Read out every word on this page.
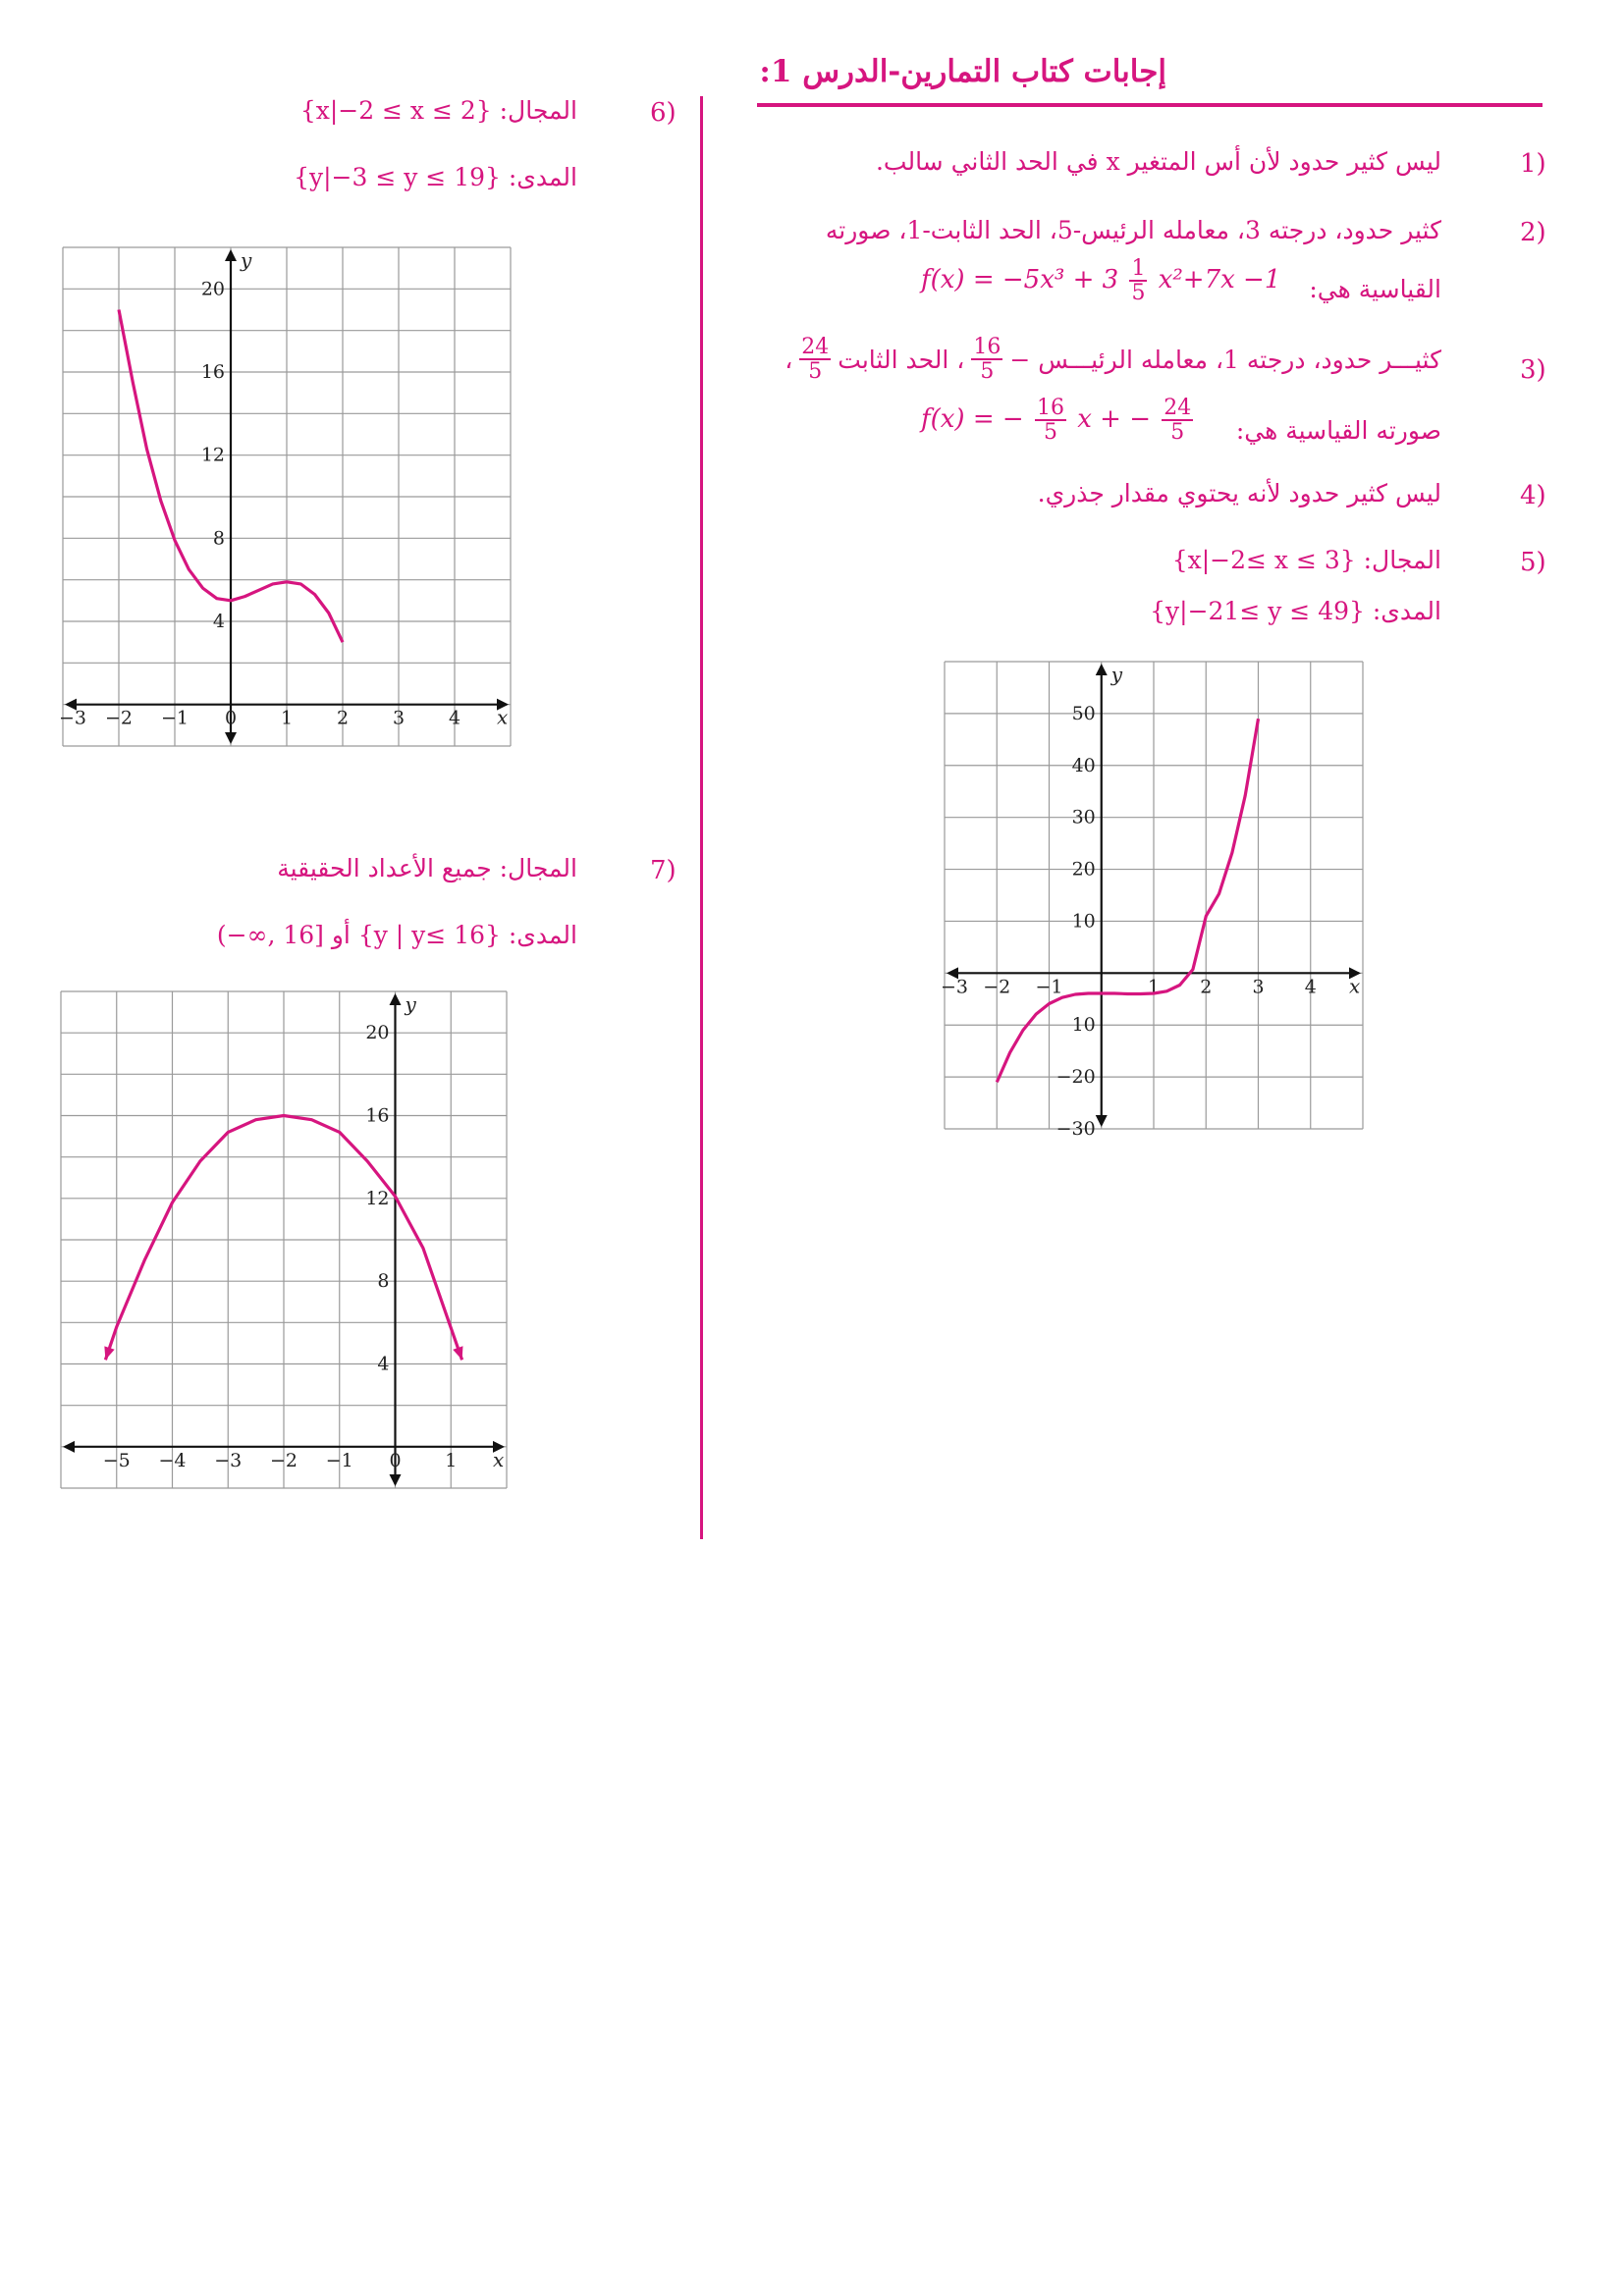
إجابات كتاب التمارين-الدرس 1:
1)
ليس كثير حدود لأن أس المتغير x في الحد الثاني سالب.
2)
كثير حدود، درجته 3، معامله الرئيس-5، الحد الثابت-1، صورته
القياسية هي:
$f(x) = -5x^3 + 3 \frac{1}{5} x^2+7x -1$
3)
كثيـــر حدود، درجته 1، معامله الرئيـــس −
$\frac{16}{5}$
، الحد الثابت
$\frac{24}{5}$
،
صورته القياسية هي:
f(x) = − $\frac{16}{5}$ x + − $\frac{24}{5}$
4)
ليس كثير حدود لأنه يحتوي مقدار جذري.
5)
المجال: {x|−2≤ x ≤ 3}
المدى: {y|−21≤ y ≤ 49}
6)
المجال: {x|−2 ≤ x ≤ 2}
المدى: {y|−3 ≤ y ≤ 19}
7)
المجال: جميع الأعداد الحقيقية
المدى: {y | y≤ 16} أو [16 ,∞−)
−3 −2 −1	1 2 3 4
50
40
30
20
10
10
−20
−30
x
y
−3 −2 −1 0 1 2 3 4
20
16
12
8
4
x
y
−5 −4 −3 −2 −1 0 1
20
16
12
8
4
x
y
